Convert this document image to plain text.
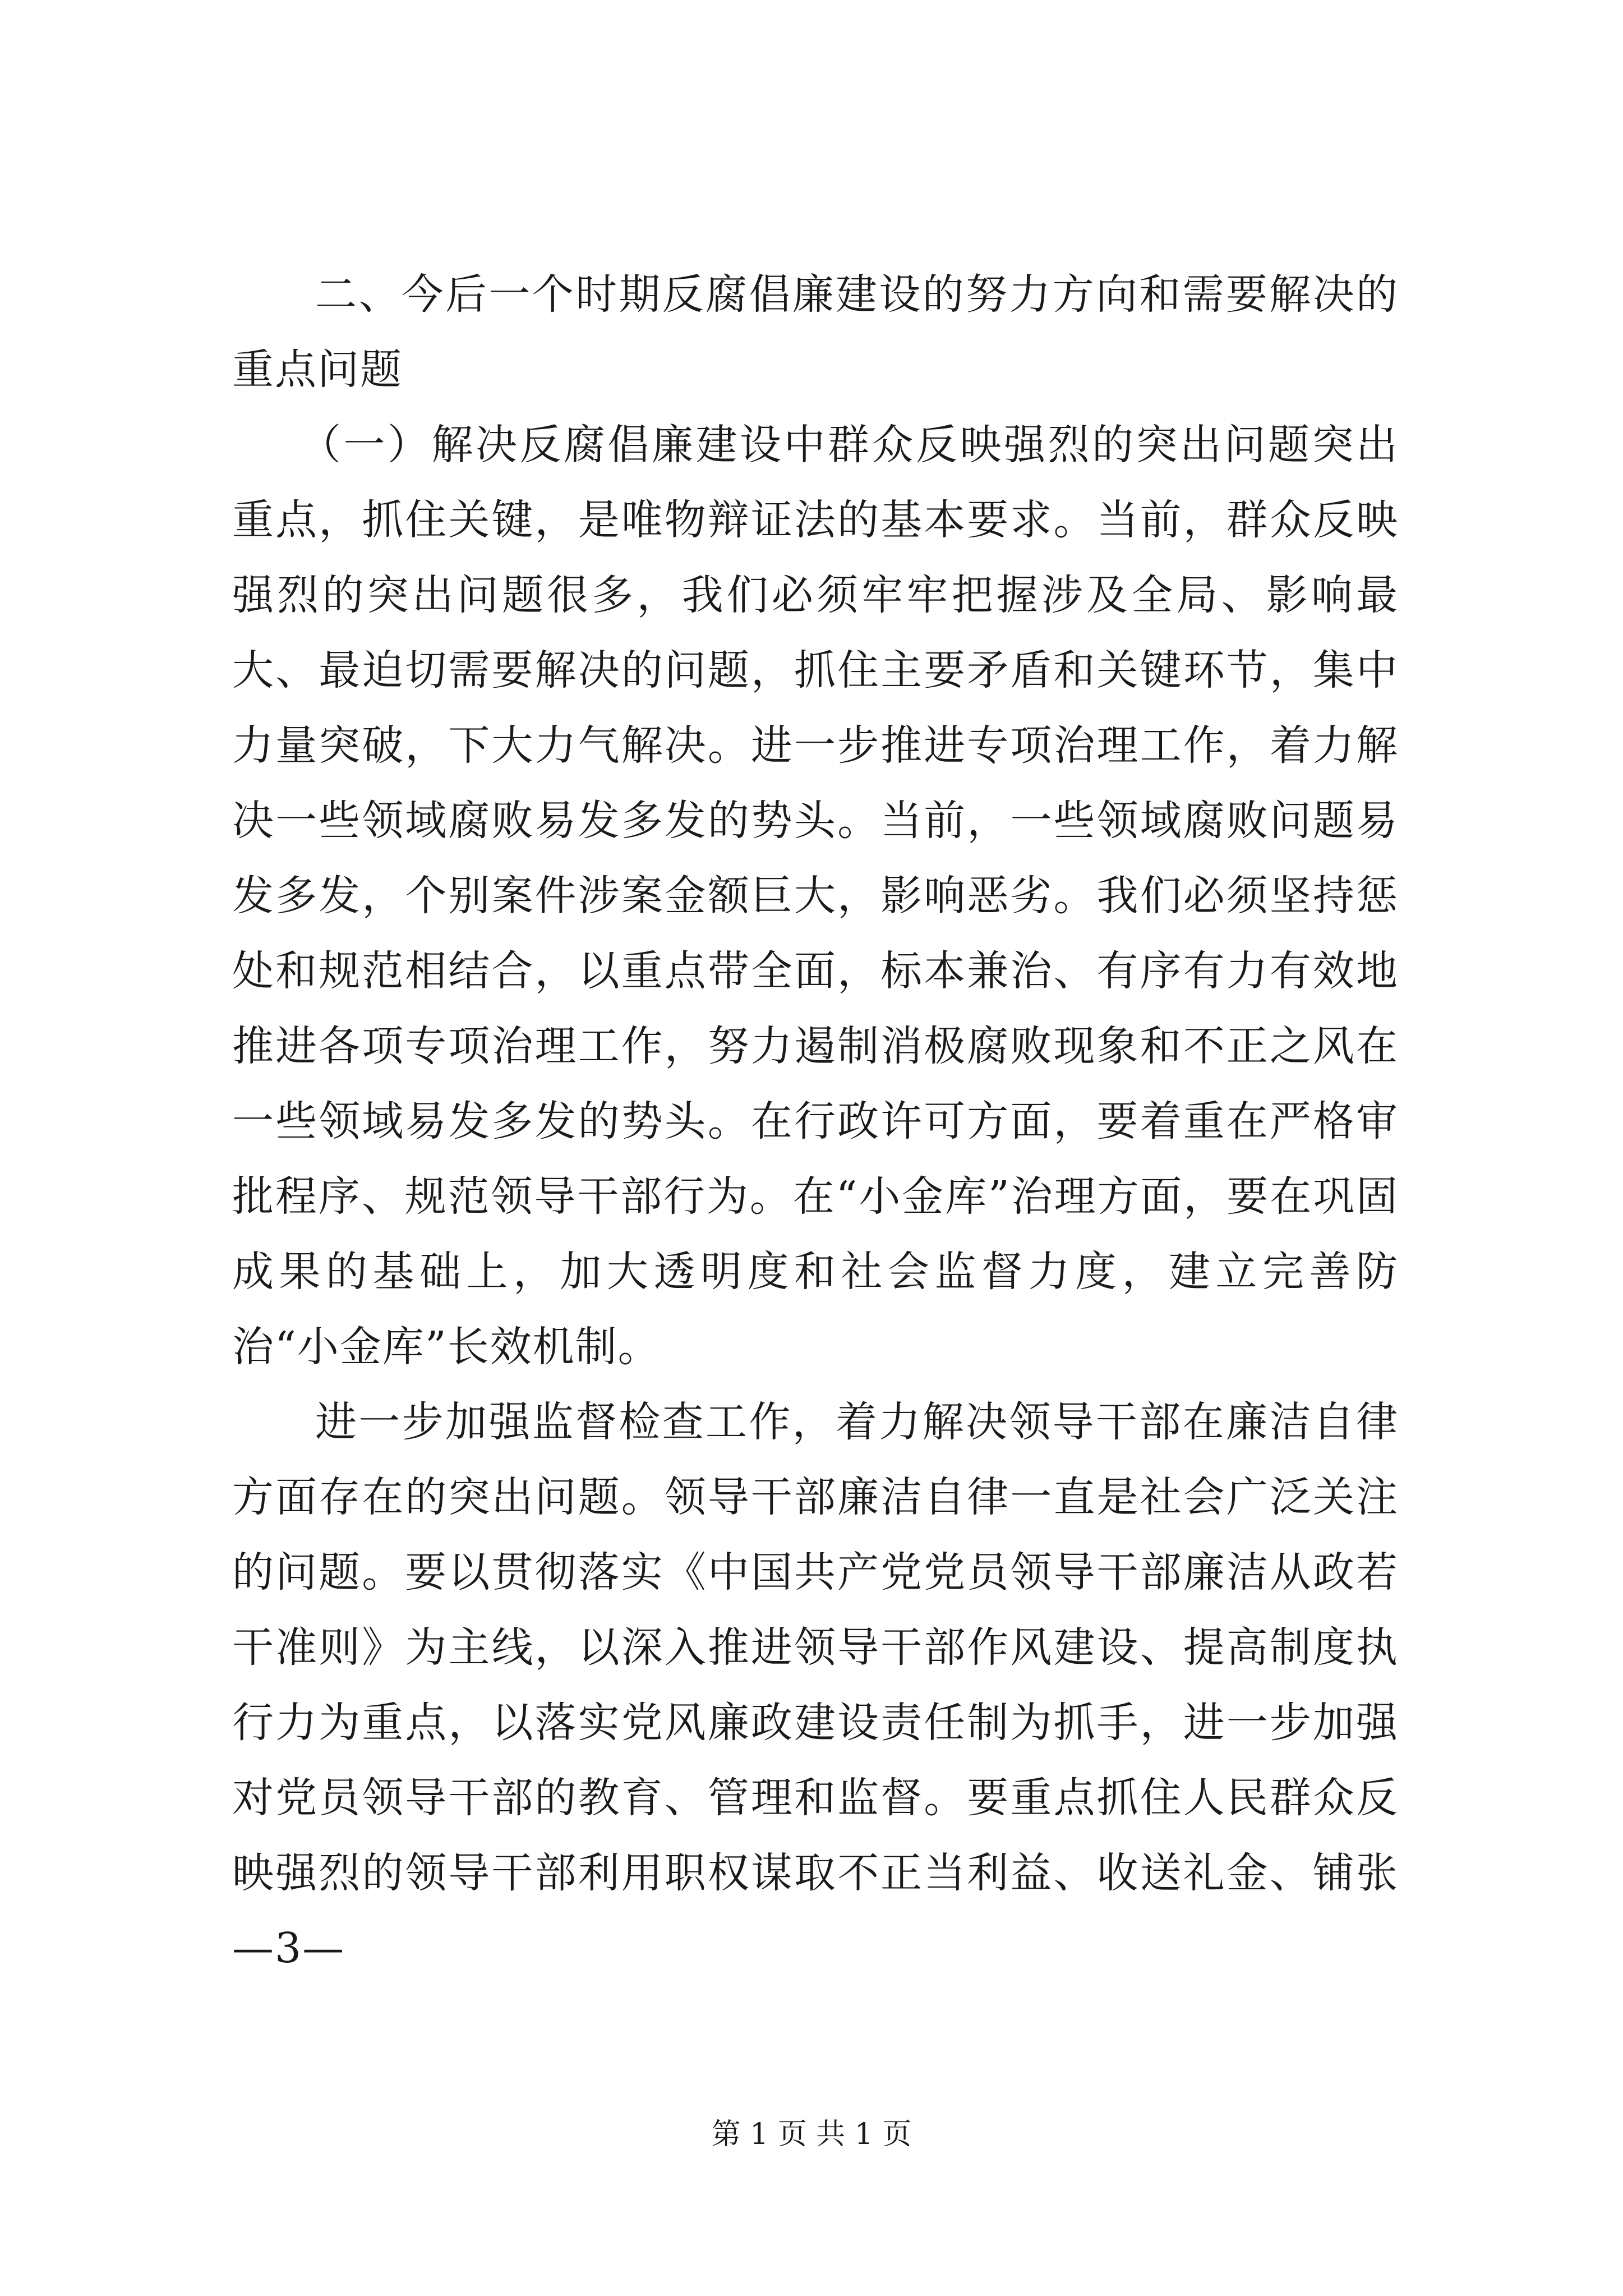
二、今后一个时期反腐倡廉建设的努力方向和需要解决的重点问题

（一）解决反腐倡廉建设中群众反映强烈的突出问题突出重点，抓住关键，是唯物辩证法的基本要求。当前，群众反映强烈的突出问题很多，我们必须牢牢把握涉及全局、影响最大、最迫切需要解决的问题，抓住主要矛盾和关键环节，集中力量突破，下大力气解决。进一步推进专项治理工作，着力解决一些领域腐败易发多发的势头。当前，一些领域腐败问题易发多发，个别案件涉案金额巨大，影响恶劣。我们必须坚持惩处和规范相结合，以重点带全面，标本兼治、有序有力有效地推进各项专项治理工作，努力遏制消极腐败现象和不正之风在一些领域易发多发的势头。在行政许可方面，要着重在严格审批程序、规范领导干部行为。在“小金库”治理方面，要在巩固成果的基础上，加大透明度和社会监督力度，建立完善防治“小金库”长效机制。

进一步加强监督检查工作，着力解决领导干部在廉洁自律方面存在的突出问题。领导干部廉洁自律一直是社会广泛关注的问题。要以贯彻落实《中国共产党党员领导干部廉洁从政若干准则》为主线，以深入推进领导干部作风建设、提高制度执行力为重点，以落实党风廉政建设责任制为抓手，进一步加强对党员领导干部的教育、管理和监督。要重点抓住人民群众反映强烈的领导干部利用职权谋取不正当利益、收送礼金、铺张—3—

第 1 页 共 1 页
